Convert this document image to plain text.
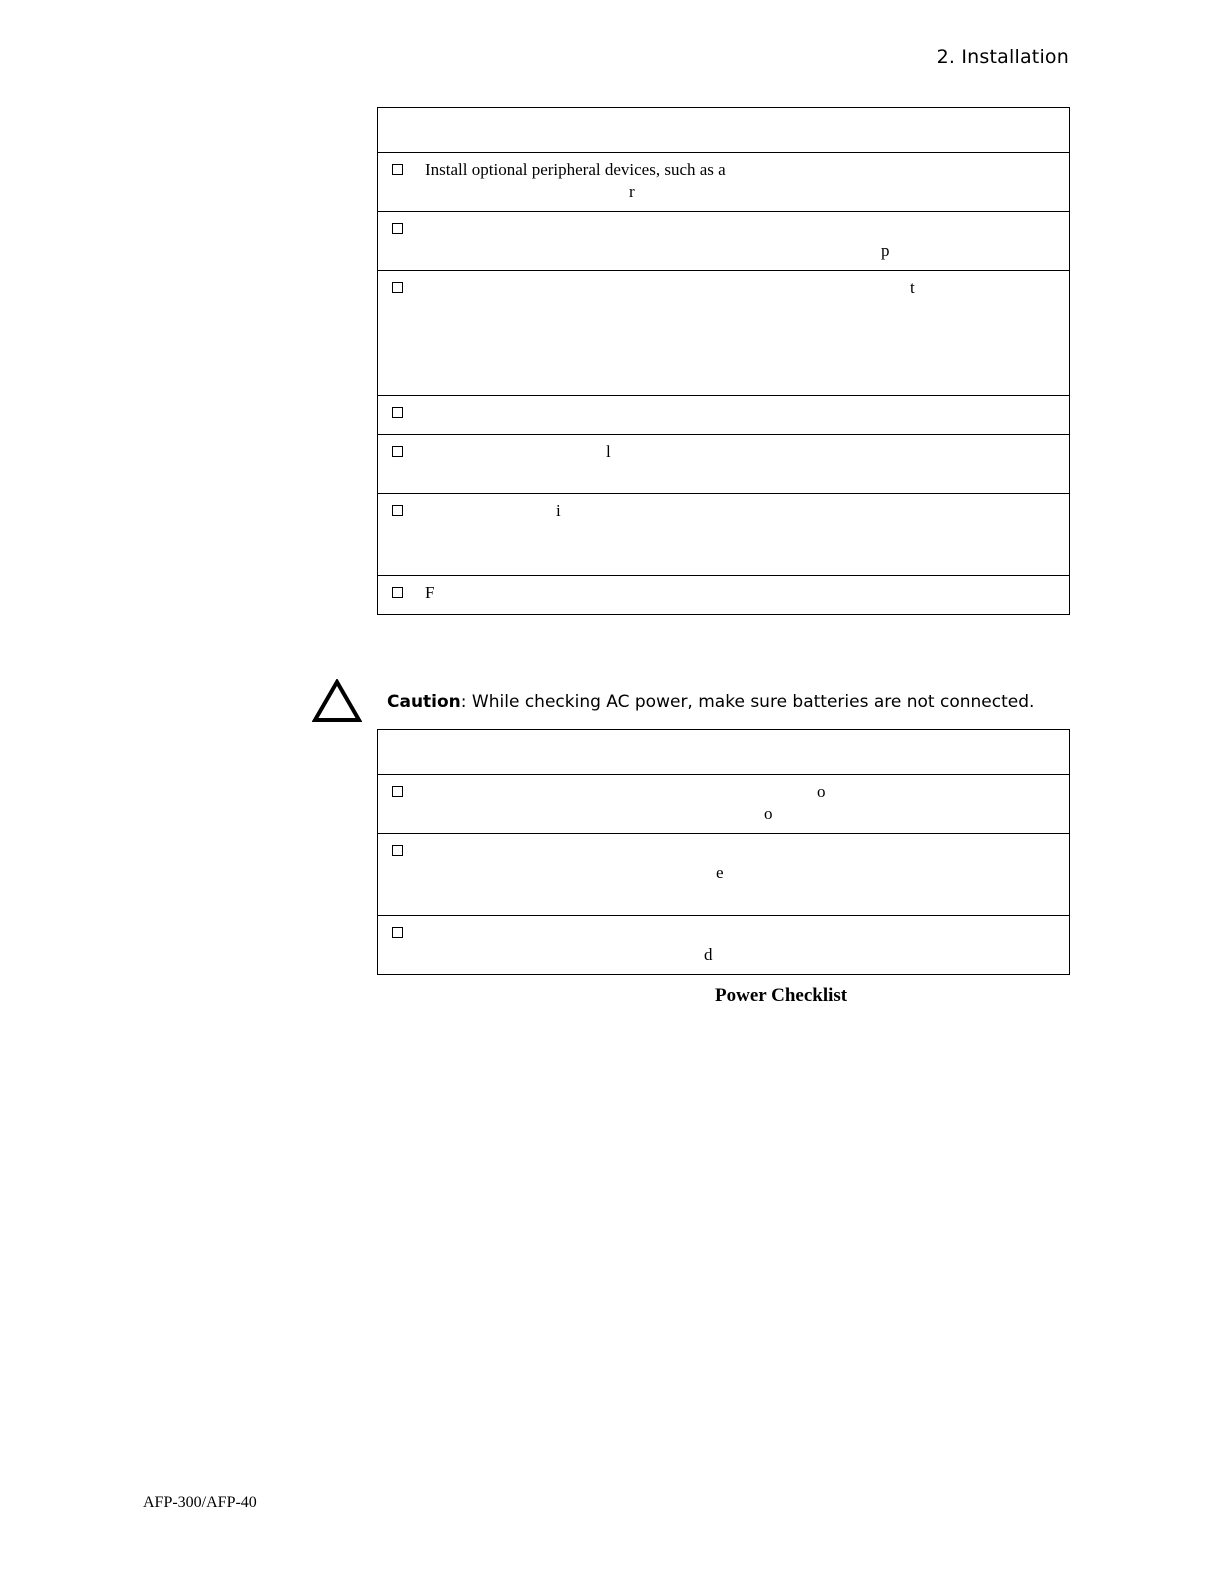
2. Installation

Install optional peripheral devices, such as a
r

p

t

l

i

F
Caution: While checking AC power, make sure batteries are not connected.

o
o

e

d
Power Checklist
AFP-300/AFP-40
